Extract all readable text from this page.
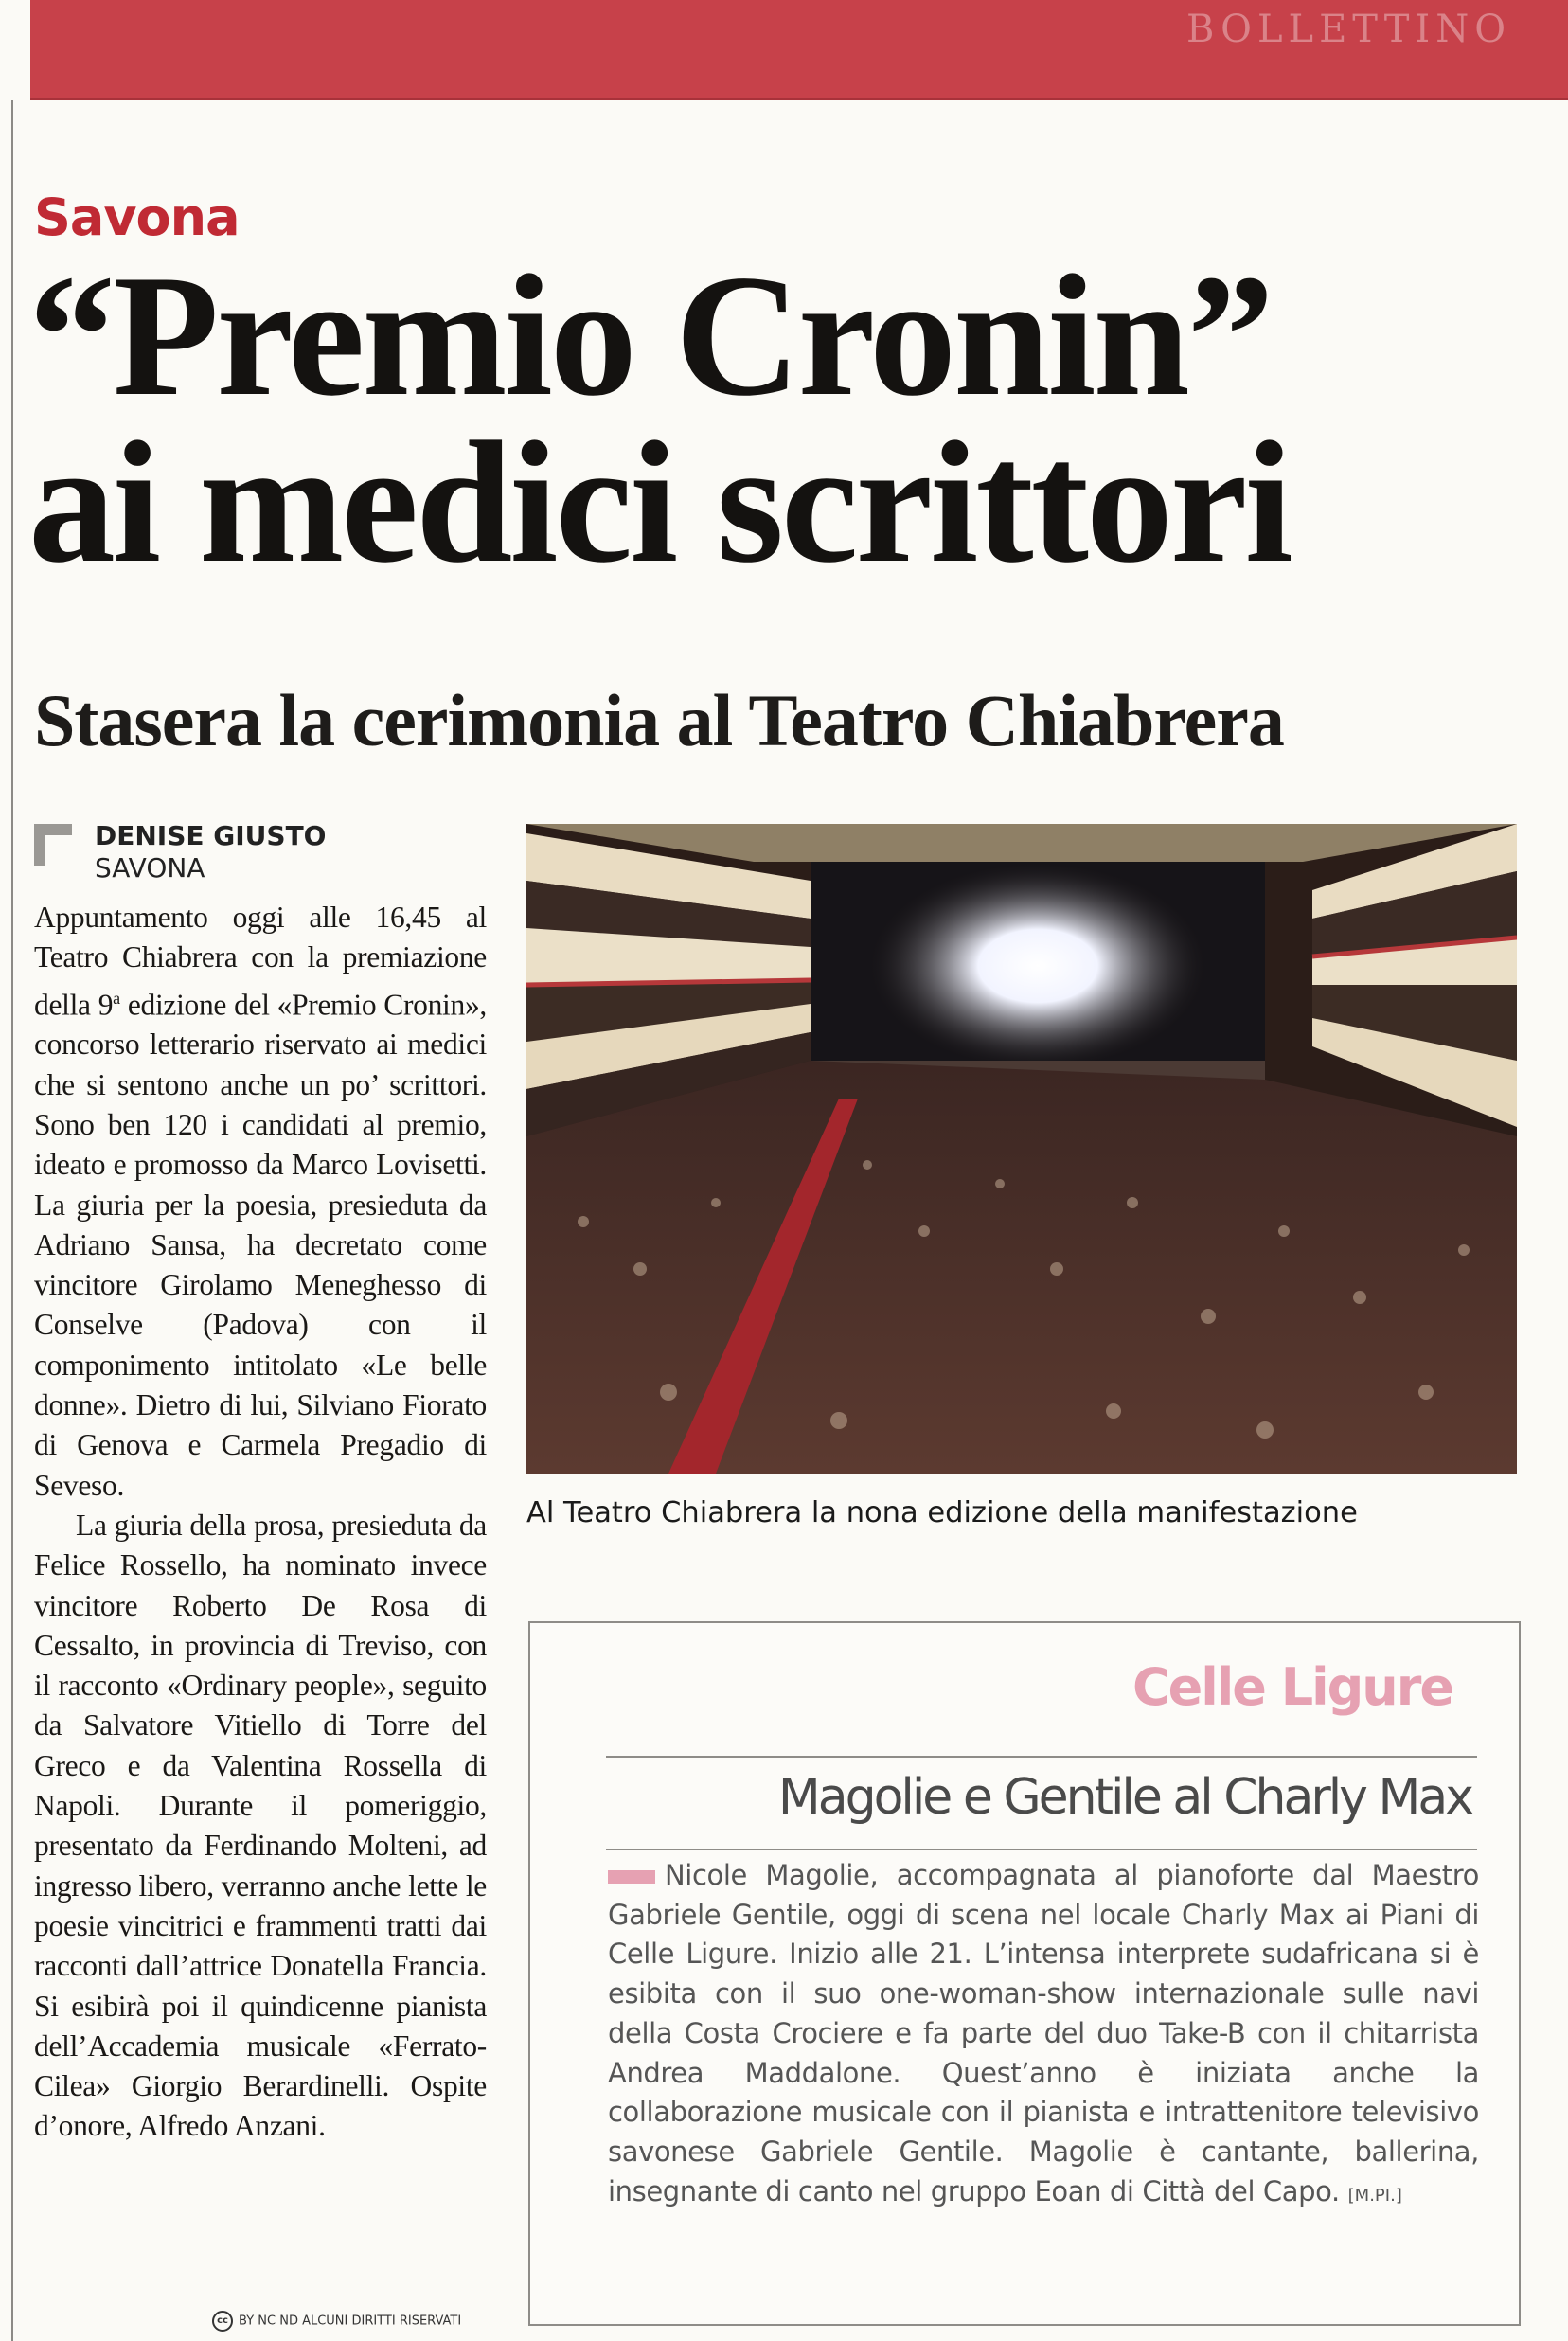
BOLLETTINO
Savona
“Premio Cronin”
ai medici scrittori
Stasera la cerimonia al Teatro Chiabrera
DENISE GIUSTO
SAVONA

Appuntamento oggi alle 16,45 al Teatro Chiabrera con la premiazione della 9$^a$ edizione del «Premio Cronin», concorso letterario riservato ai medici che si sentono anche un po’ scrittori. Sono ben 120 i candidati al premio, ideato e promosso da Marco Lovisetti. La giuria per la poesia, presieduta da Adriano Sansa, ha decretato come vincitore Girolamo Meneghesso di Conselve (Padova) con il componimento intitolato «Le belle donne». Dietro di lui, Silviano Fiorato di Genova e Carmela Pregadio di Seveso.

La giuria della prosa, presieduta da Felice Rossello, ha nominato invece vincitore Roberto De Rosa di Cessalto, in provincia di Treviso, con il racconto «Ordinary people», seguito da Salvatore Vitiello di Torre del Greco e da Valentina Rossella di Napoli. Durante il pomeriggio, presentato da Ferdinando Molteni, ad ingresso libero, verranno anche lette le poesie vincitrici e frammenti tratti dai racconti dall’attrice Donatella Francia. Si esibirà poi il quindicenne pianista dell’Accademia musicale «Ferrato-Cilea» Giorgio Berardinelli. Ospite d’onore, Alfredo Anzani.

cc BY NC ND ALCUNI DIRITTI RISERVATI
Al Teatro Chiabrera la nona edizione della manifestazione
Celle Ligure
Magolie e Gentile al Charly Max
Nicole Magolie, accompagnata al pianoforte dal Maestro Gabriele Gentile, oggi di scena nel locale Charly Max ai Piani di Celle Ligure. Inizio alle 21. L’intensa interprete sudafricana si è esibita con il suo one-woman-show internazionale sulle navi della Costa Crociere e fa parte del duo Take-B con il chitarrista Andrea Maddalone. Quest’anno è iniziata anche la collaborazione musicale con il pianista e intrattenitore televisivo savonese Gabriele Gentile. Magolie è cantante, ballerina, insegnante di canto nel gruppo Eoan di Città del Capo. [M.PI.]
